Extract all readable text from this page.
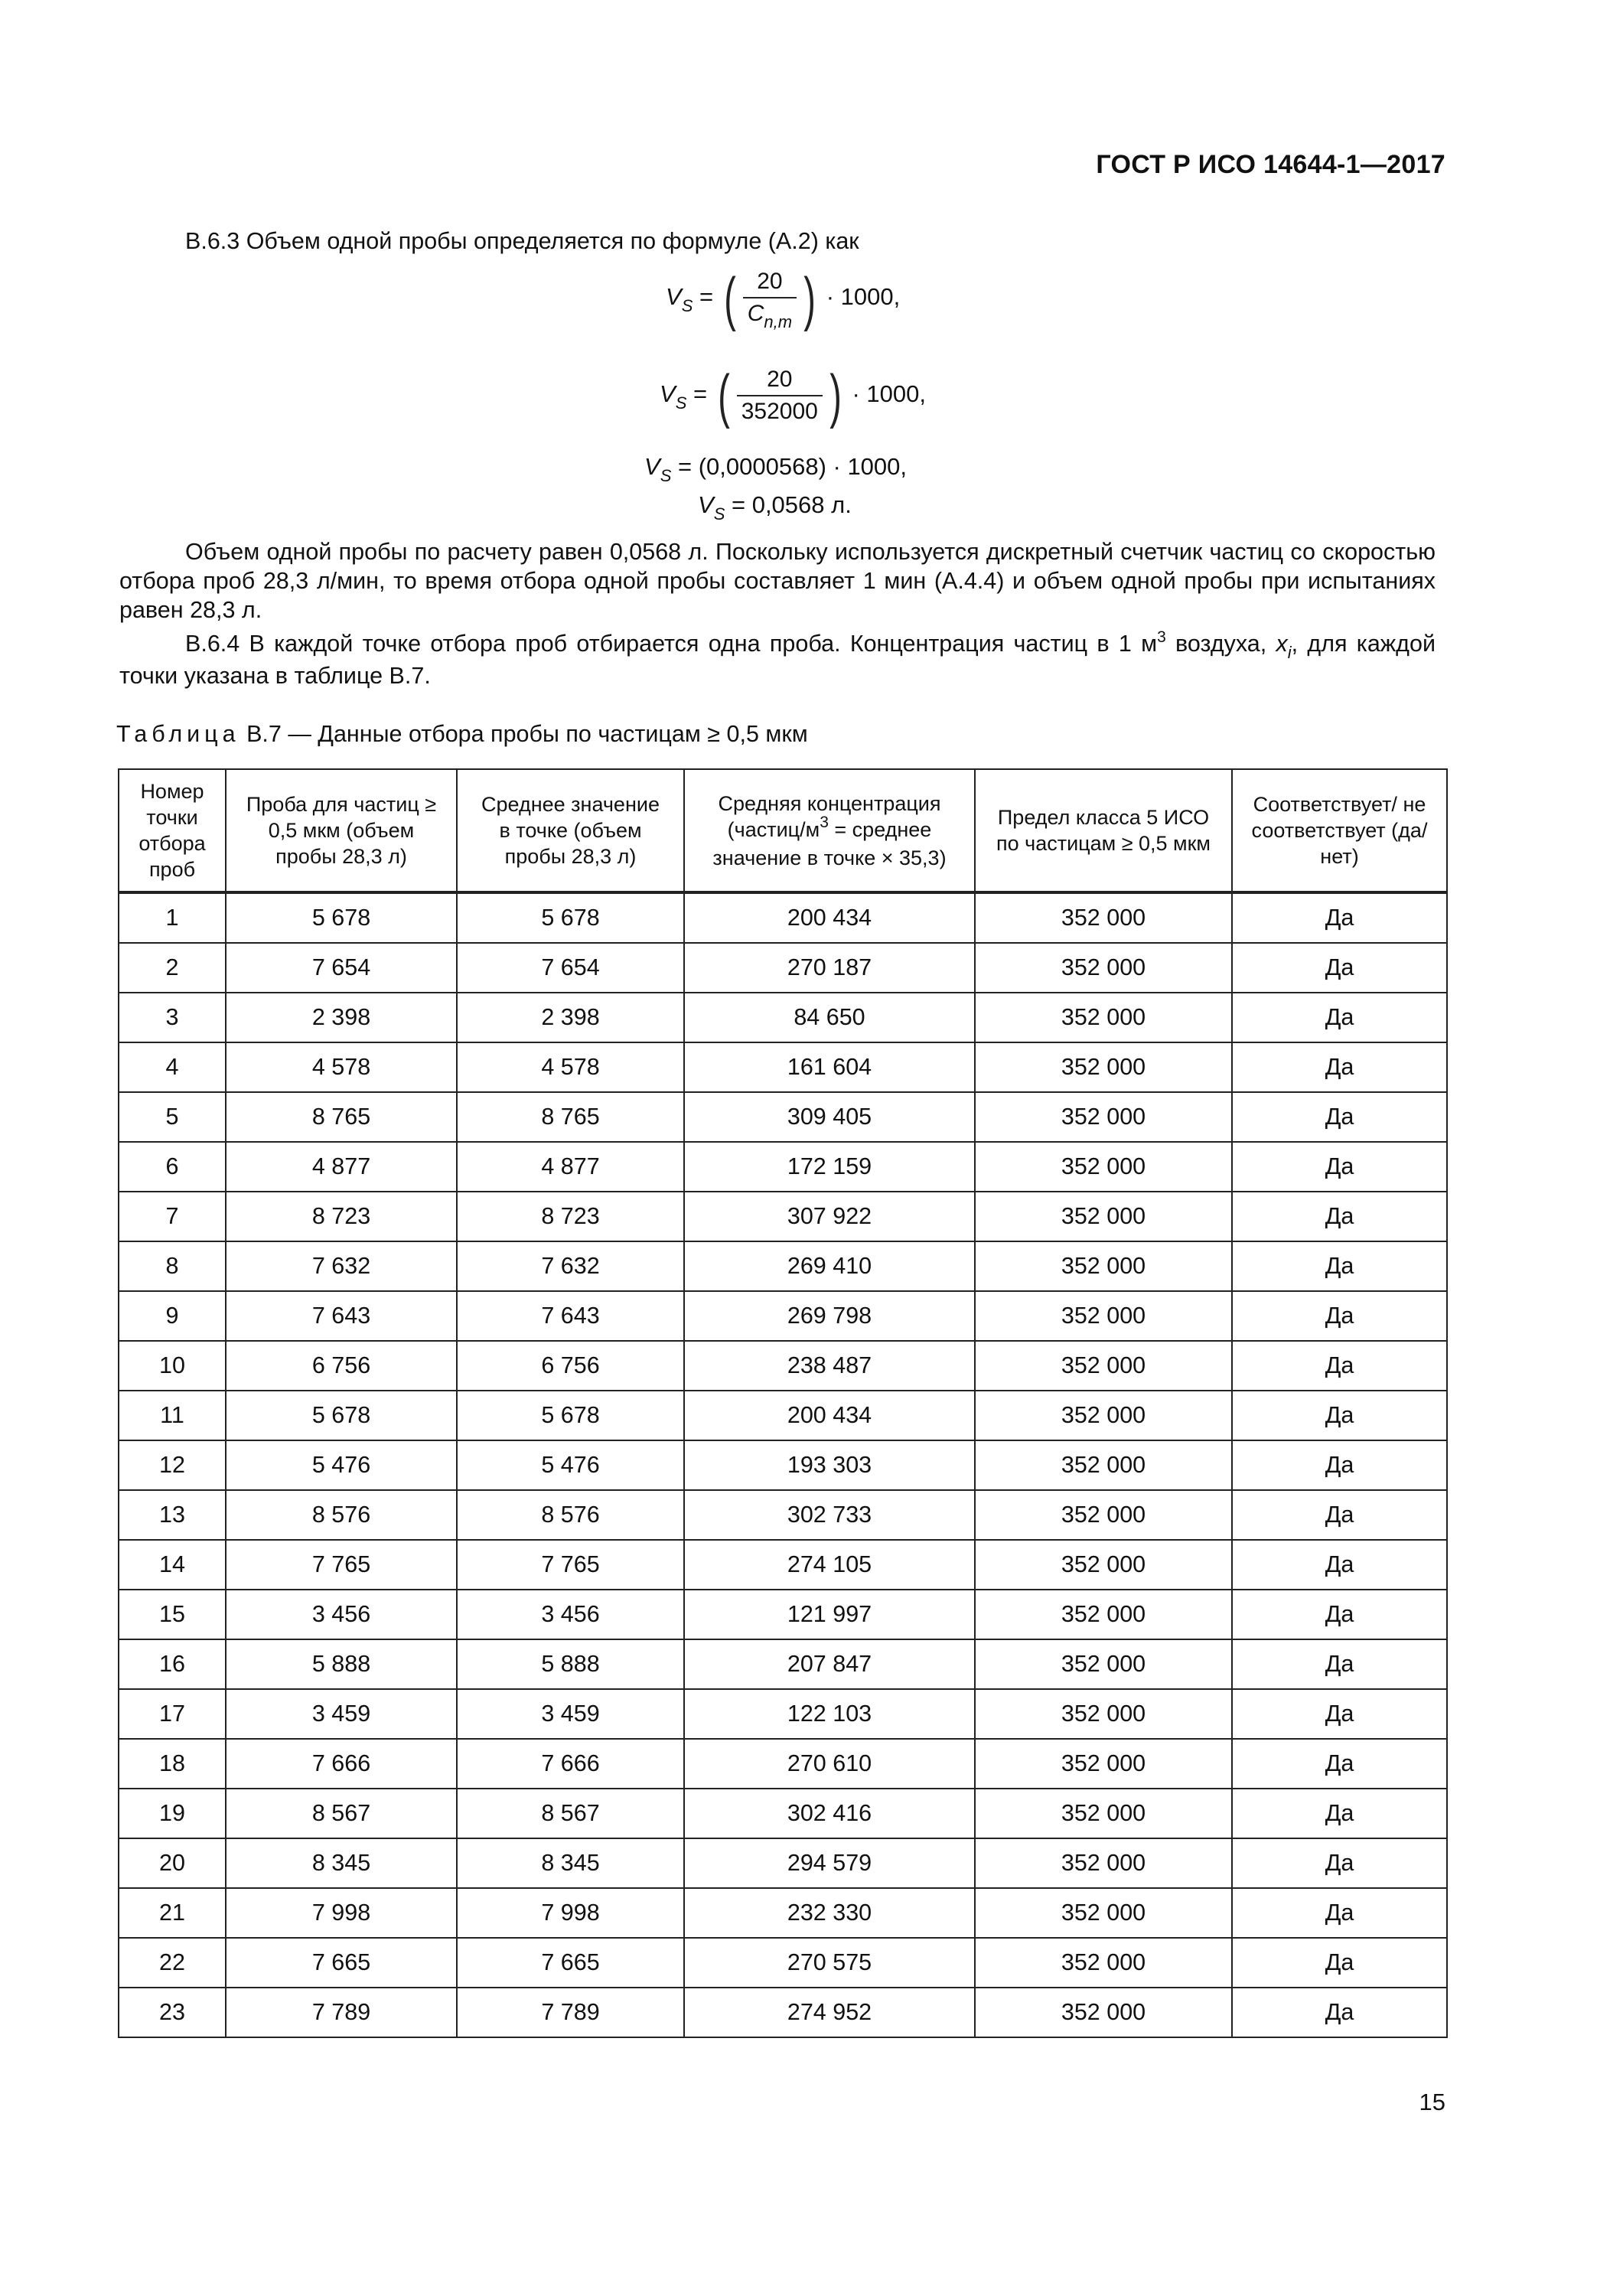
ГОСТ Р ИСО 14644-1—2017
В.6.3 Объем одной пробы определяется по формуле (А.2) как
$V_S$ = ( $\frac{20}{C_{n,m}}$ ) · 1000,
$V_S$ = ( $\frac{20}{352000}$ ) · 1000,
$V_S = (0,0000568) \cdot 1000$,
$V_S = 0,0568$ л.
Объем одной пробы по расчету равен 0,0568 л. Поскольку используется дискретный счетчик частиц со скоростью отбора проб 28,3 л/мин, то время отбора одной пробы составляет 1 мин (А.4.4) и объем одной пробы при испытаниях равен 28,3 л.
В.6.4 В каждой точке отбора проб отбирается одна проба. Концентрация частиц в 1 $м^3$ воздуха, $x_i$, для каждой точки указана в таблице В.7.
Таблица В.7 — Данные отбора пробы по частицам ≥ 0,5 мкм
Номер точки отбора проб	Проба для частиц ≥ 0,5 мкм (объем пробы 28,3 л)	Среднее значение в точке (объем пробы 28,3 л)	Средняя концентрация ($частиц/м^3$ = среднее значение в точке × 35,3)	Предел класса 5 ИСО по частицам ≥ 0,5 мкм	Соответствует/ не соответствует (да/нет)
1	5 678	5 678	200 434	352 000	Да
2	7 654	7 654	270 187	352 000	Да
3	2 398	2 398	84 650	352 000	Да
4	4 578	4 578	161 604	352 000	Да
5	8 765	8 765	309 405	352 000	Да
6	4 877	4 877	172 159	352 000	Да
7	8 723	8 723	307 922	352 000	Да
8	7 632	7 632	269 410	352 000	Да
9	7 643	7 643	269 798	352 000	Да
10	6 756	6 756	238 487	352 000	Да
11	5 678	5 678	200 434	352 000	Да
12	5 476	5 476	193 303	352 000	Да
13	8 576	8 576	302 733	352 000	Да
14	7 765	7 765	274 105	352 000	Да
15	3 456	3 456	121 997	352 000	Да
16	5 888	5 888	207 847	352 000	Да
17	3 459	3 459	122 103	352 000	Да
18	7 666	7 666	270 610	352 000	Да
19	8 567	8 567	302 416	352 000	Да
20	8 345	8 345	294 579	352 000	Да
21	7 998	7 998	232 330	352 000	Да
22	7 665	7 665	270 575	352 000	Да
23	7 789	7 789	274 952	352 000	Да
15
